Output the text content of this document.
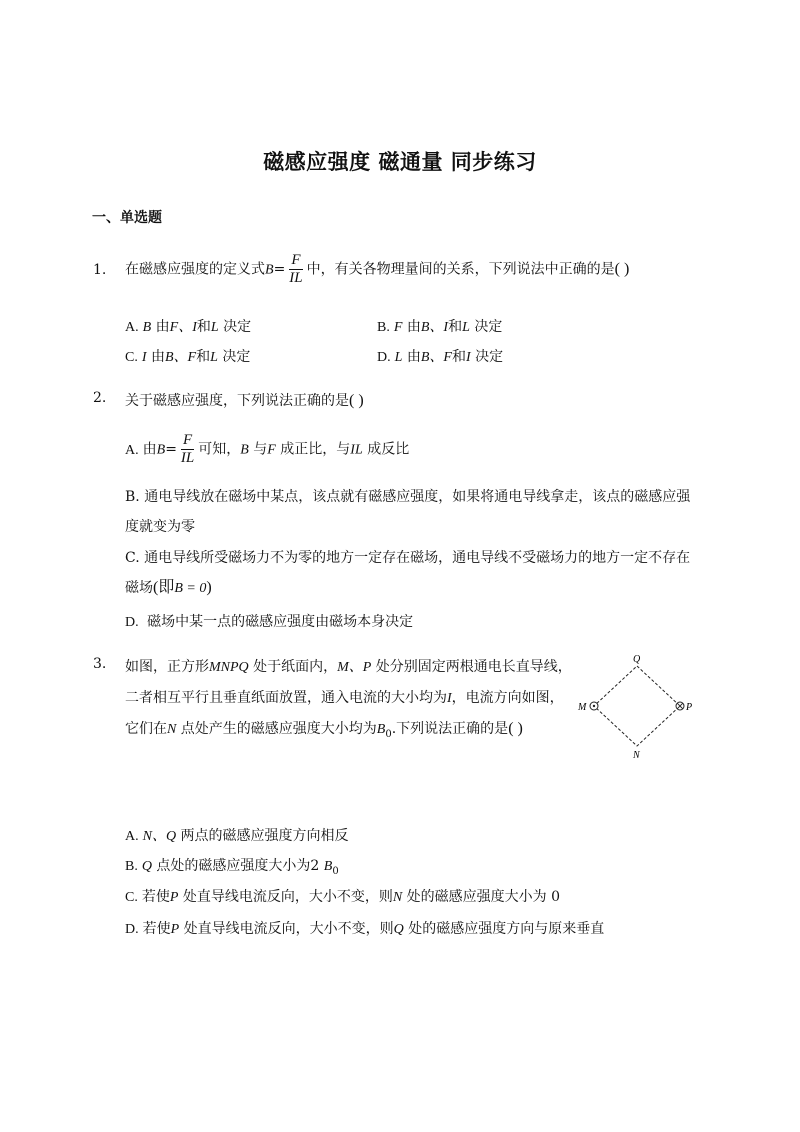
磁感应强度 磁通量 同步练习
一、单选题
1. 在磁感应强度的定义式$B= \frac{F}{IL}$ 中，有关各物理量间的关系，下列说法中正确的是( )
A. B 由F、I和L 决定	B. F 由B、I和L 决定
C. I 由B、F和L 决定	D. L 由B、F和I 决定
2. 关于磁感应强度，下列说法正确的是( )
A. 由$B= \frac{F}{IL}$ 可知，B 与F 成正比，与IL 成反比
B. 通电导线放在磁场中某点，该点就有磁感应强度，如果将通电导线拿走，该点的磁感应强度就变为零
C. 通电导线所受磁场力不为零的地方一定存在磁场，通电导线不受磁场力的地方一定不存在磁场(即B = 0)
D. 磁场中某一点的磁感应强度由磁场本身决定
3. 如图，正方形MNPQ 处于纸面内，M、P 处分别固定两根通电长直导线，
二者相互平行且垂直纸面放置，通入电流的大小均为I，电流方向如图，
它们在N 点处产生的磁感应强度大小均为$B_0$.下列说法正确的是( )
Q
M	P
N
A. N、Q 两点的磁感应强度方向相反
B. Q 点处的磁感应强度大小为2 $B_0$
C. 若使P 处直导线电流反向，大小不变，则N 处的磁感应强度大小为 0
D. 若使P 处直导线电流反向，大小不变，则Q 处的磁感应强度方向与原来垂直
